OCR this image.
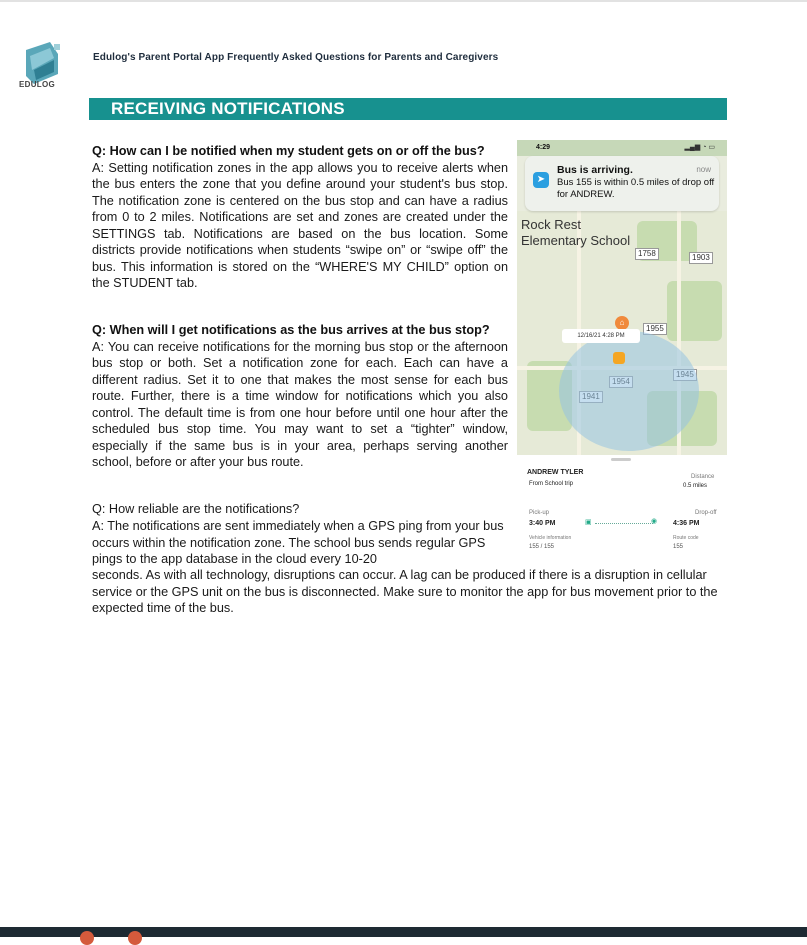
EDULOG
Edulog's Parent Portal App Frequently Asked Questions for Parents and Caregivers
RECEIVING NOTIFICATIONS
Q: How can I be notified when my student gets on or off the bus?
A: Setting notification zones in the app allows you to receive alerts when the bus enters the zone that you define around your student's bus stop. The notification zone is centered on the bus stop and can have a radius from 0 to 2 miles. Notifications are set and zones are created under the SETTINGS tab. Notifications are based on the bus location. Some districts provide notifications when students “swipe on” or “swipe off” the bus. This information is stored on the “WHERE'S MY CHILD” option on the STUDENT tab.
Q: When will I get notifications as the bus arrives at the bus stop?
A: You can receive notifications for the morning bus stop or the afternoon bus stop or both. Set a notification zone for each. Each can have a different radius. Set it to one that makes the most sense for each bus route. Further, there is a time window for notifications which you also control. The default time is from one hour before until one hour after the scheduled bus stop time. You may want to set a “tighter” window, especially if the same bus is in your area, perhaps serving another school, before or after your bus route.
Q: How reliable are the notifications?
A: The notifications are sent immediately when a GPS ping from your bus occurs within the notification zone. The school bus sends regular GPS pings to the app database in the cloud every 10-20
seconds. As with all technology, disruptions can occur. A lag can be produced if there is a disruption in cellular service or the GPS unit on the bus is disconnected. Make sure to monitor the app for bus movement prior to the expected time of the bus.
4:29	▂▄▆ ◔ ▭
Rock Rest
Elementary School
1758	1903
1955
⌂
12/16/21 4:28 PM
➤
Bus is arriving.	now
Bus 155 is within 0.5 miles of drop off for ANDREW.
ANDREW TYLER
From School trip
Distance
0.5 miles
Pick-up
3:40 PM	▣	◉
Drop-off
4:36 PM
Vehicle information
155 / 155
Route code
155
